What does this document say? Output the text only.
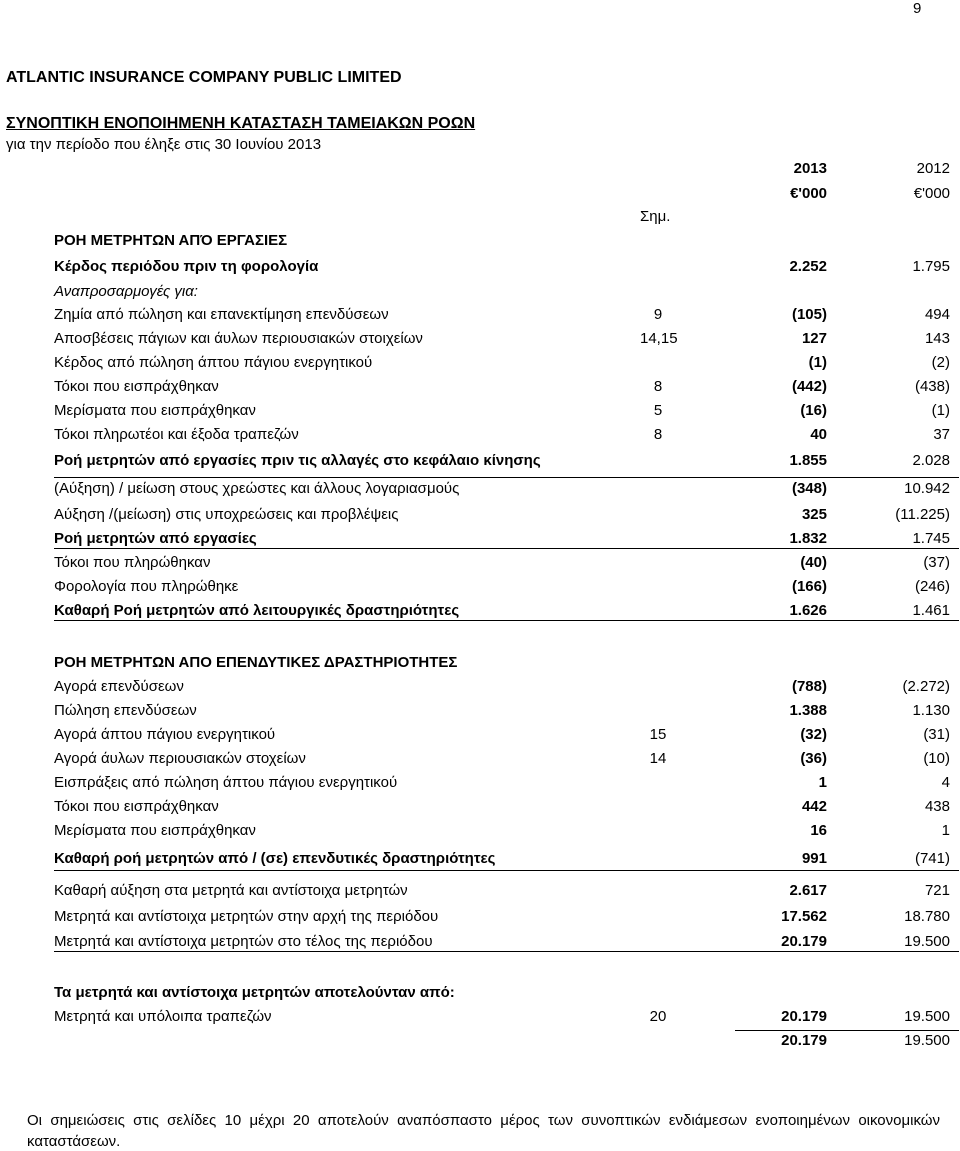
9
ATLANTIC INSURANCE COMPANY PUBLIC LIMITED
ΣΥΝΟΠΤΙΚΗ ΕΝΟΠΟΙΗΜΕΝΗ ΚΑΤΑΣΤΑΣΗ ΤΑΜΕΙΑΚΩΝ ΡΟΩΝ
για την περίοδο που έληξε στις 30 Ιουνίου 2013
2013	2012
€'000	€'000
Σημ.
ΡΟΗ ΜΕΤΡΗΤΩΝ ΑΠΌ ΕΡΓΑΣΙΕΣ
Κέρδος περιόδου πριν τη φορολογία	2.252	1.795
Αναπροσαρμογές για:
Ζημία από πώληση και επανεκτίμηση επενδύσεων	9	(105)	494
Αποσβέσεις πάγιων και άυλων περιουσιακών στοιχείων	14,15	127	143
Κέρδος από πώληση άπτου πάγιου ενεργητικού	(1)	(2)
Τόκοι που εισπράχθηκαν	8	(442)	(438)
Μερίσματα που εισπράχθηκαν	5	(16)	(1)
Τόκοι πληρωτέοι και έξοδα τραπεζών	8	40	37
Ροή μετρητών από εργασίες πριν τις αλλαγές στο κεφάλαιο κίνησης	1.855	2.028
(Αύξηση) / μείωση στους χρεώστες και άλλους λογαριασμούς	(348)	10.942
Αύξηση /(μείωση) στις υποχρεώσεις και προβλέψεις	325	(11.225)
Ροή μετρητών από εργασίες	1.832	1.745
Τόκοι που πληρώθηκαν	(40)	(37)
Φορολογία που πληρώθηκε	(166)	(246)
Καθαρή Ροή μετρητών από λειτουργικές δραστηριότητες	1.626	1.461
ΡΟΗ ΜΕΤΡΗΤΩΝ ΑΠΟ ΕΠΕΝΔΥΤΙΚΕΣ ΔΡΑΣΤΗΡΙΟΤΗΤΕΣ
Αγορά επενδύσεων	(788)	(2.272)
Πώληση επενδύσεων	1.388	1.130
Αγορά άπτου πάγιου ενεργητικού	15	(32)	(31)
Αγορά άυλων περιουσιακών στοχείων	14	(36)	(10)
Εισπράξεις από πώληση άπτου πάγιου ενεργητικού	1	4
Τόκοι που εισπράχθηκαν	442	438
Μερίσματα που εισπράχθηκαν	16	1
Καθαρή ροή μετρητών από / (σε) επενδυτικές δραστηριότητες	991	(741)
Καθαρή αύξηση στα μετρητά και αντίστοιχα μετρητών	2.617	721
Μετρητά και αντίστοιχα μετρητών στην αρχή της περιόδου	17.562	18.780
Μετρητά και αντίστοιχα μετρητών στο τέλος της περιόδου	20.179	19.500
Τα μετρητά και αντίστοιχα μετρητών αποτελούνταν από:
Μετρητά και υπόλοιπα τραπεζών	20	20.179	19.500
20.179	19.500
Οι σημειώσεις στις σελίδες 10 μέχρι 20 αποτελούν αναπόσπαστο μέρος των συνοπτικών ενδιάμεσων ενοποιημένων οικονομικών
καταστάσεων.
